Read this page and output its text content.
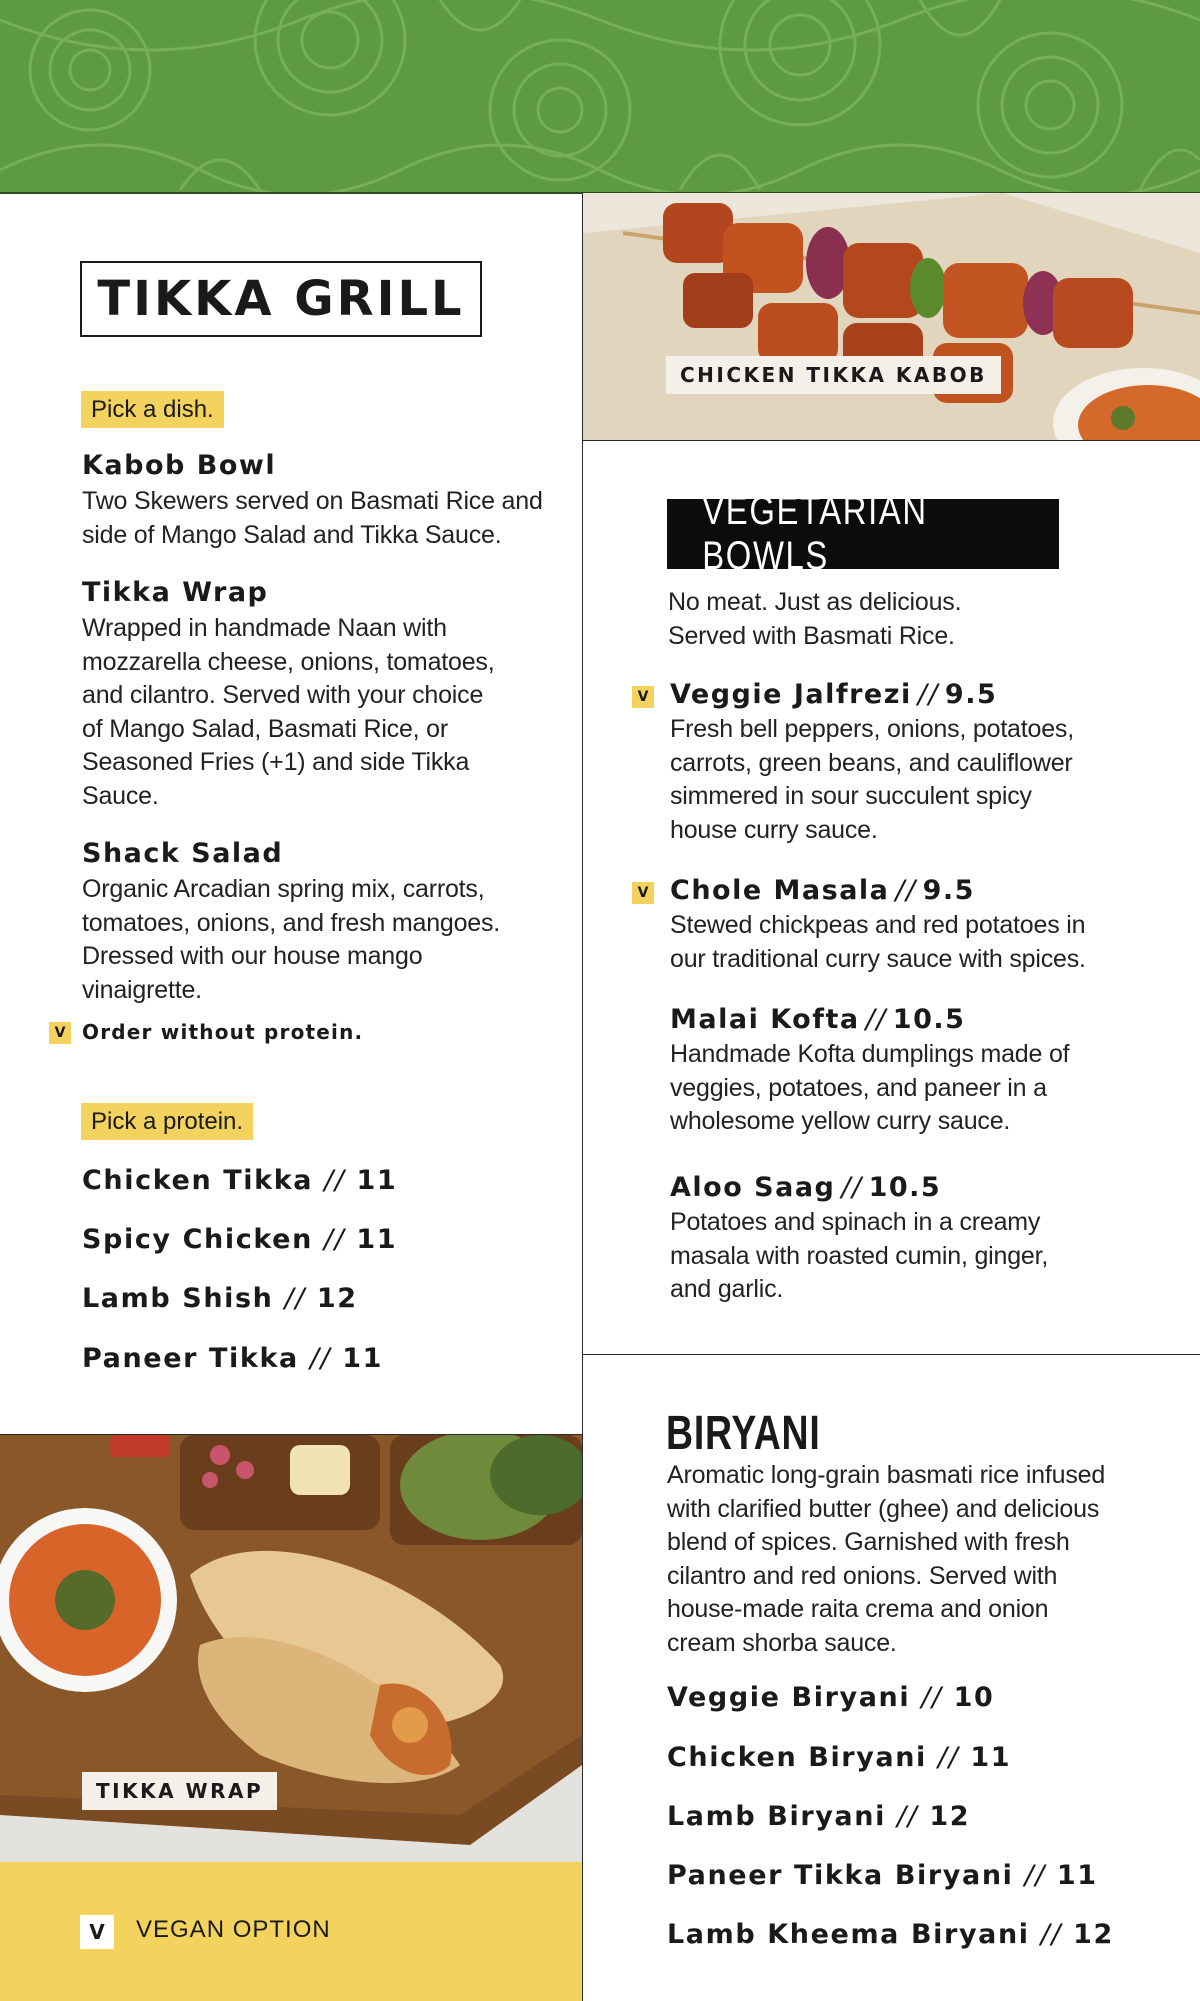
TIKKA GRILL
Pick a dish.
Kabob Bowl
Two Skewers served on Basmati Rice and
side of Mango Salad and Tikka Sauce.
Tikka Wrap
Wrapped in handmade Naan with
mozzarella cheese, onions, tomatoes,
and cilantro. Served with your choice
of Mango Salad, Basmati Rice, or
Seasoned Fries (+1) and side Tikka
Sauce.
Shack Salad
Organic Arcadian spring mix, carrots,
tomatoes, onions, and fresh mangoes.
Dressed with our house mango
vinaigrette.
V Order without protein.
Pick a protein.
Chicken Tikka // 11
Spicy Chicken // 11
Lamb Shish // 12
Paneer Tikka // 11
TIKKA WRAP
CHICKEN TIKKA KABOB
VEGETARIAN BOWLS
No meat. Just as delicious.
Served with Basmati Rice.
V Veggie Jalfrezi // 9.5
Fresh bell peppers, onions, potatoes,
carrots, green beans, and cauliflower
simmered in sour succulent spicy
house curry sauce.
V Chole Masala // 9.5
Stewed chickpeas and red potatoes in
our traditional curry sauce with spices.
Malai Kofta // 10.5
Handmade Kofta dumplings made of
veggies, potatoes, and paneer in a
wholesome yellow curry sauce.
Aloo Saag // 10.5
Potatoes and spinach in a creamy
masala with roasted cumin, ginger,
and garlic.
BIRYANI
Aromatic long-grain basmati rice infused
with clarified butter (ghee) and delicious
blend of spices. Garnished with fresh
cilantro and red onions. Served with
house-made raita crema and onion
cream shorba sauce.
Veggie Biryani // 10
Chicken Biryani // 11
Lamb Biryani // 12
Paneer Tikka Biryani // 11
Lamb Kheema Biryani // 12
V	VEGAN OPTION
